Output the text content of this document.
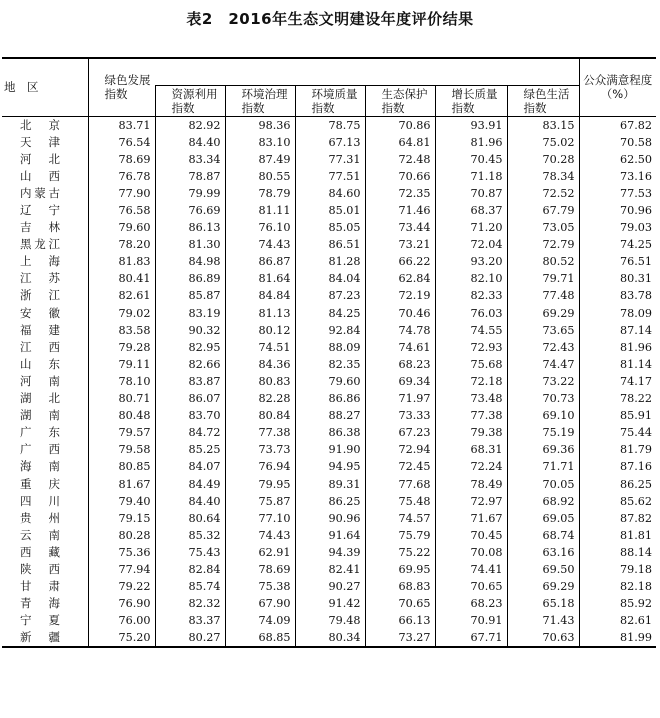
表2　2016年生态文明建设年度评价结果
地　区	绿色发展指数							公众满意程度（%）
		资源利用指数	环境治理指数	环境质量指数	生态保护指数	增长质量指数	绿色生活指数	
北京	83.71	82.92	98.36	78.75	70.86	93.91	83.15	67.82
天津	76.54	84.40	83.10	67.13	64.81	81.96	75.02	70.58
河北	78.69	83.34	87.49	77.31	72.48	70.45	70.28	62.50
山西	76.78	78.87	80.55	77.51	70.66	71.18	78.34	73.16
内蒙古	77.90	79.99	78.79	84.60	72.35	70.87	72.52	77.53
辽宁	76.58	76.69	81.11	85.01	71.46	68.37	67.79	70.96
吉林	79.60	86.13	76.10	85.05	73.44	71.20	73.05	79.03
黑龙江	78.20	81.30	74.43	86.51	73.21	72.04	72.79	74.25
上海	81.83	84.98	86.87	81.28	66.22	93.20	80.52	76.51
江苏	80.41	86.89	81.64	84.04	62.84	82.10	79.71	80.31
浙江	82.61	85.87	84.84	87.23	72.19	82.33	77.48	83.78
安徽	79.02	83.19	81.13	84.25	70.46	76.03	69.29	78.09
福建	83.58	90.32	80.12	92.84	74.78	74.55	73.65	87.14
江西	79.28	82.95	74.51	88.09	74.61	72.93	72.43	81.96
山东	79.11	82.66	84.36	82.35	68.23	75.68	74.47	81.14
河南	78.10	83.87	80.83	79.60	69.34	72.18	73.22	74.17
湖北	80.71	86.07	82.28	86.86	71.97	73.48	70.73	78.22
湖南	80.48	83.70	80.84	88.27	73.33	77.38	69.10	85.91
广东	79.57	84.72	77.38	86.38	67.23	79.38	75.19	75.44
广西	79.58	85.25	73.73	91.90	72.94	68.31	69.36	81.79
海南	80.85	84.07	76.94	94.95	72.45	72.24	71.71	87.16
重庆	81.67	84.49	79.95	89.31	77.68	78.49	70.05	86.25
四川	79.40	84.40	75.87	86.25	75.48	72.97	68.92	85.62
贵州	79.15	80.64	77.10	90.96	74.57	71.67	69.05	87.82
云南	80.28	85.32	74.43	91.64	75.79	70.45	68.74	81.81
西藏	75.36	75.43	62.91	94.39	75.22	70.08	63.16	88.14
陕西	77.94	82.84	78.69	82.41	69.95	74.41	69.50	79.18
甘肃	79.22	85.74	75.38	90.27	68.83	70.65	69.29	82.18
青海	76.90	82.32	67.90	91.42	70.65	68.23	65.18	85.92
宁夏	76.00	83.37	74.09	79.48	66.13	70.91	71.43	82.61
新疆	75.20	80.27	68.85	80.34	73.27	67.71	70.63	81.99
